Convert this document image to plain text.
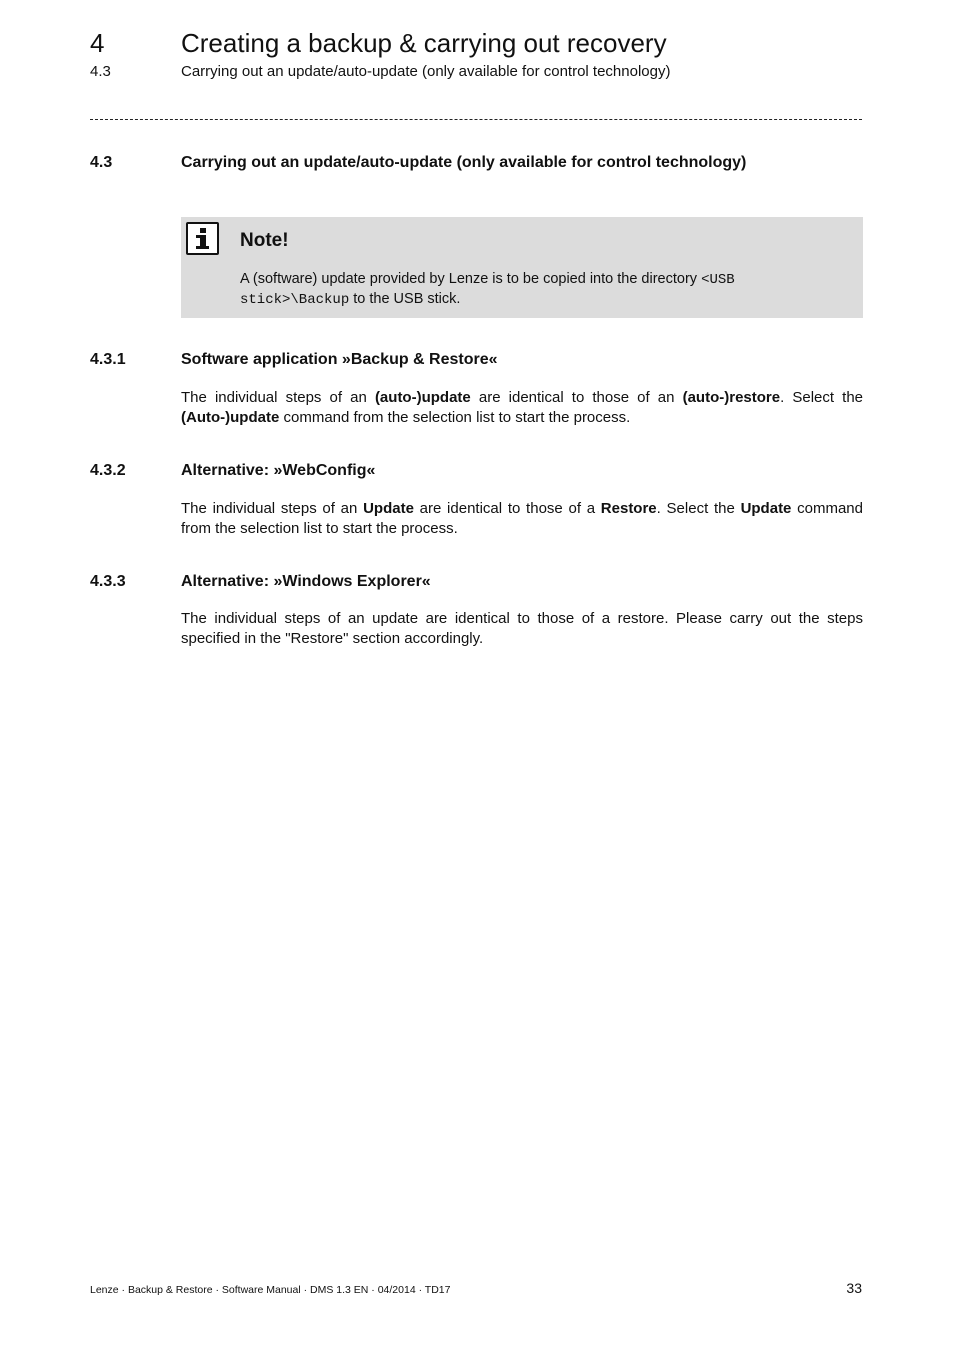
4	Creating a backup & carrying out recovery
4.3	Carrying out an update/auto-update (only available for control technology)
4.3	Carrying out an update/auto-update (only available for control technology)
Note!
A (software) update provided by Lenze is to be copied into the directory <USB stick>\Backup to the USB stick.
4.3.1	Software application »Backup & Restore«
The individual steps of an (auto-)update are identical to those of an (auto-)restore. Select the (Auto-)update command from the selection list to start the process.
4.3.2	Alternative: »WebConfig«
The individual steps of an Update are identical to those of a Restore. Select the Update command from the selection list to start the process.
4.3.3	Alternative: »Windows Explorer«
The individual steps of an update are identical to those of a restore. Please carry out the steps specified in the "Restore" section accordingly.
Lenze · Backup & Restore · Software Manual · DMS 1.3 EN · 04/2014 · TD17	33
